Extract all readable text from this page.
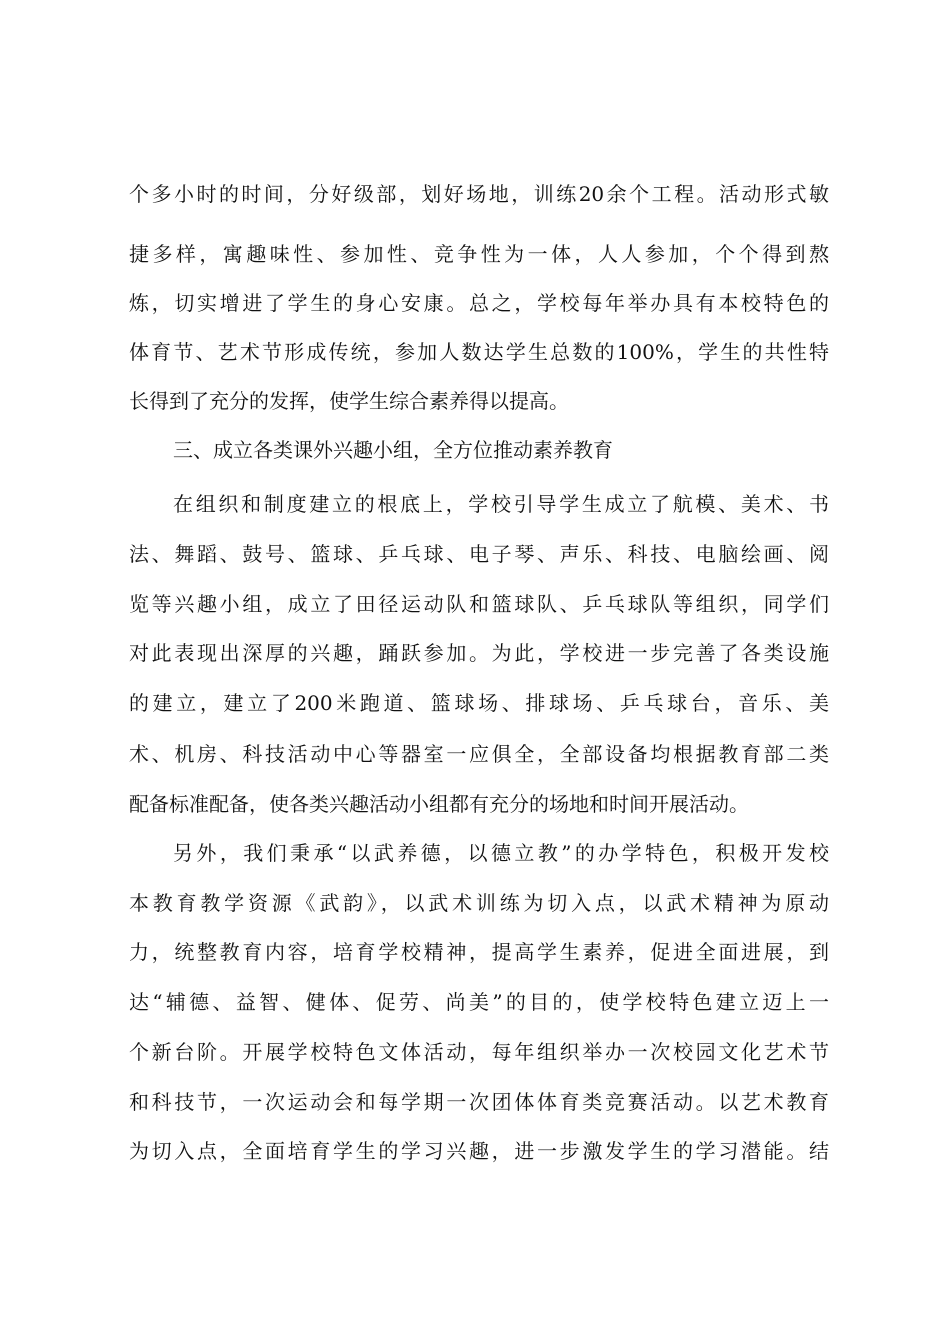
个多小时的时间，分好级部，划好场地，训练20余个工程。活动形式敏
捷多样，寓趣味性、参加性、竞争性为一体，人人参加，个个得到熬
炼，切实增进了学生的身心安康。总之，学校每年举办具有本校特色的
体育节、艺术节形成传统，参加人数达学生总数的100%，学生的共性特
长得到了充分的发挥，使学生综合素养得以提高。
三、成立各类课外兴趣小组，全方位推动素养教育
在组织和制度建立的根底上，学校引导学生成立了航模、美术、书
法、舞蹈、鼓号、篮球、乒乓球、电子琴、声乐、科技、电脑绘画、阅
览等兴趣小组，成立了田径运动队和篮球队、乒乓球队等组织，同学们
对此表现出深厚的兴趣，踊跃参加。为此，学校进一步完善了各类设施
的建立，建立了200米跑道、篮球场、排球场、乒乓球台，音乐、美
术、机房、科技活动中心等器室一应俱全，全部设备均根据教育部二类
配备标准配备，使各类兴趣活动小组都有充分的场地和时间开展活动。
另外，我们秉承“以武养德，以德立教”的办学特色，积极开发校
本教育教学资源《武韵》，以武术训练为切入点，以武术精神为原动
力，统整教育内容，培育学校精神，提高学生素养，促进全面进展，到
达“辅德、益智、健体、促劳、尚美”的目的，使学校特色建立迈上一
个新台阶。开展学校特色文体活动，每年组织举办一次校园文化艺术节
和科技节，一次运动会和每学期一次团体体育类竞赛活动。以艺术教育
为切入点，全面培育学生的学习兴趣，进一步激发学生的学习潜能。结
